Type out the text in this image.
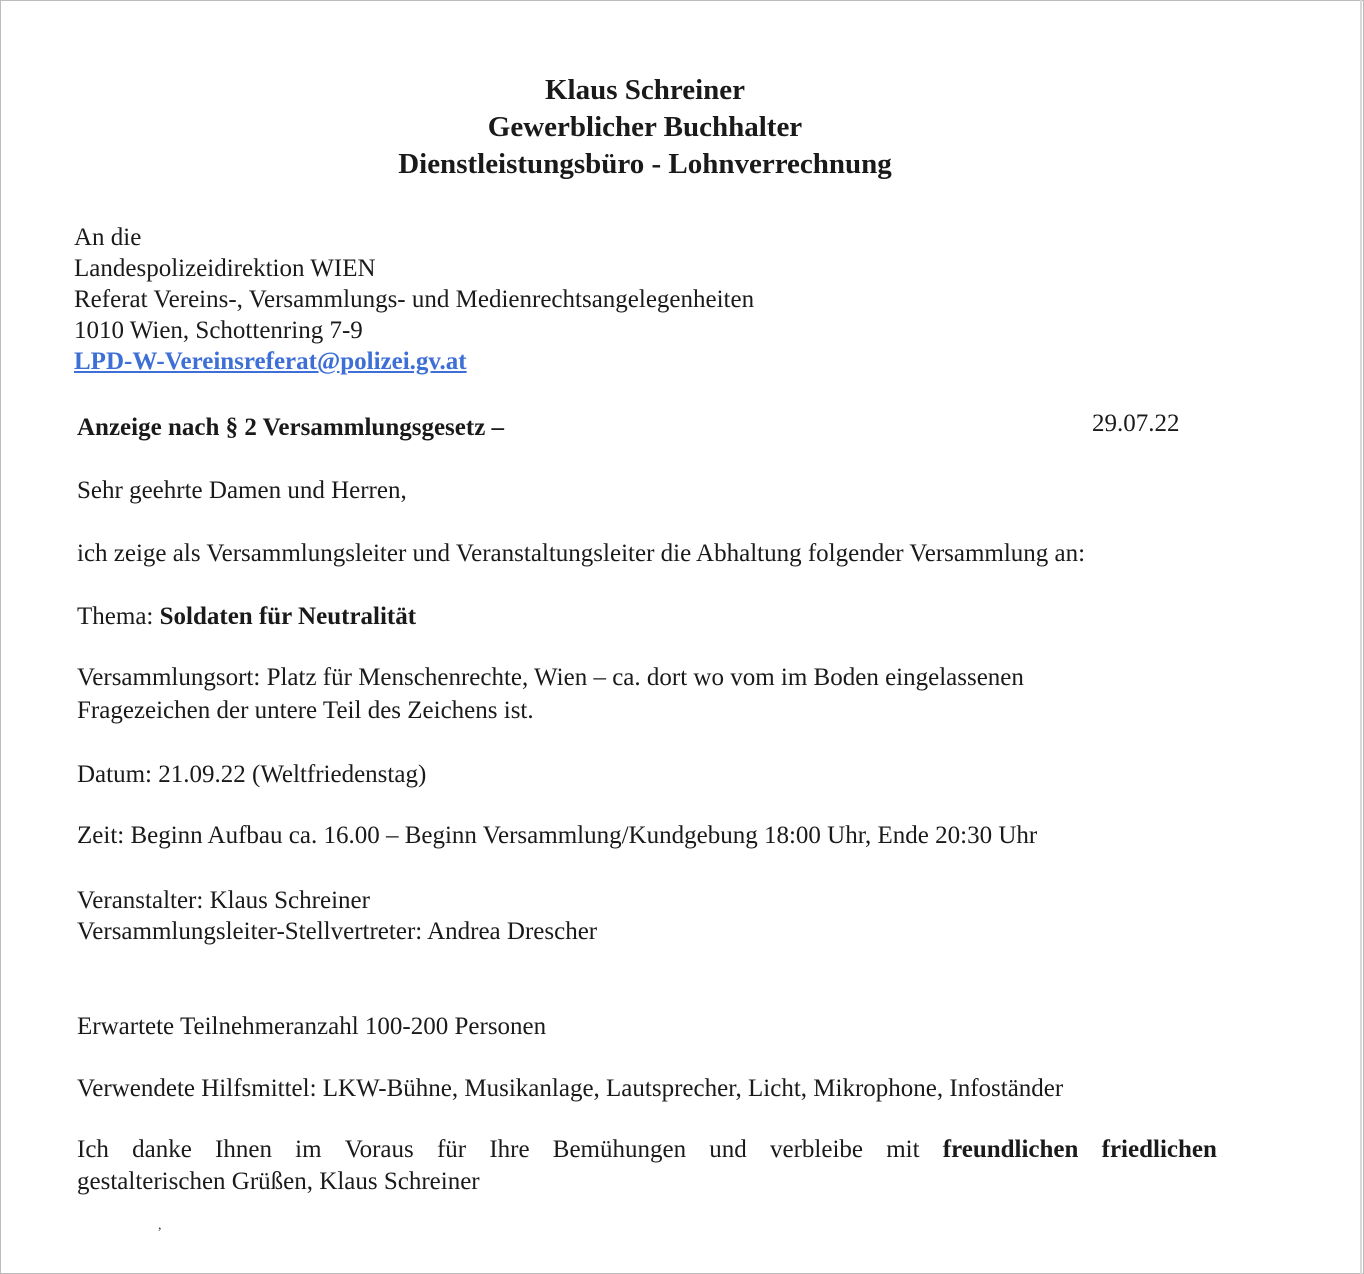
Klaus Schreiner
Gewerblicher Buchhalter
Dienstleistungsbüro - Lohnverrechnung
An die
Landespolizeidirektion WIEN
Referat Vereins-, Versammlungs- und Medienrechtsangelegenheiten
1010 Wien, Schottenring 7-9
LPD-W-Vereinsreferat@polizei.gv.at
Anzeige nach § 2 Versammlungsgesetz –	29.07.22
Sehr geehrte Damen und Herren,
ich zeige als Versammlungsleiter und Veranstaltungsleiter die Abhaltung folgender Versammlung an:
Thema: Soldaten für Neutralität
Versammlungsort: Platz für Menschenrechte, Wien – ca. dort wo vom im Boden eingelassenen
Fragezeichen der untere Teil des Zeichens ist.
Datum: 21.09.22 (Weltfriedenstag)
Zeit: Beginn Aufbau ca. 16.00 – Beginn Versammlung/Kundgebung 18:00 Uhr, Ende 20:30 Uhr
Veranstalter: Klaus Schreiner
Versammlungsleiter-Stellvertreter: Andrea Drescher
Erwartete Teilnehmeranzahl 100-200 Personen
Verwendete Hilfsmittel: LKW-Bühne, Musikanlage, Lautsprecher, Licht, Mikrophone, Infoständer
Ich danke Ihnen im Voraus für Ihre Bemühungen und verbleibe mit freundlichen friedlichen
gestalterischen Grüßen, Klaus Schreiner
,
